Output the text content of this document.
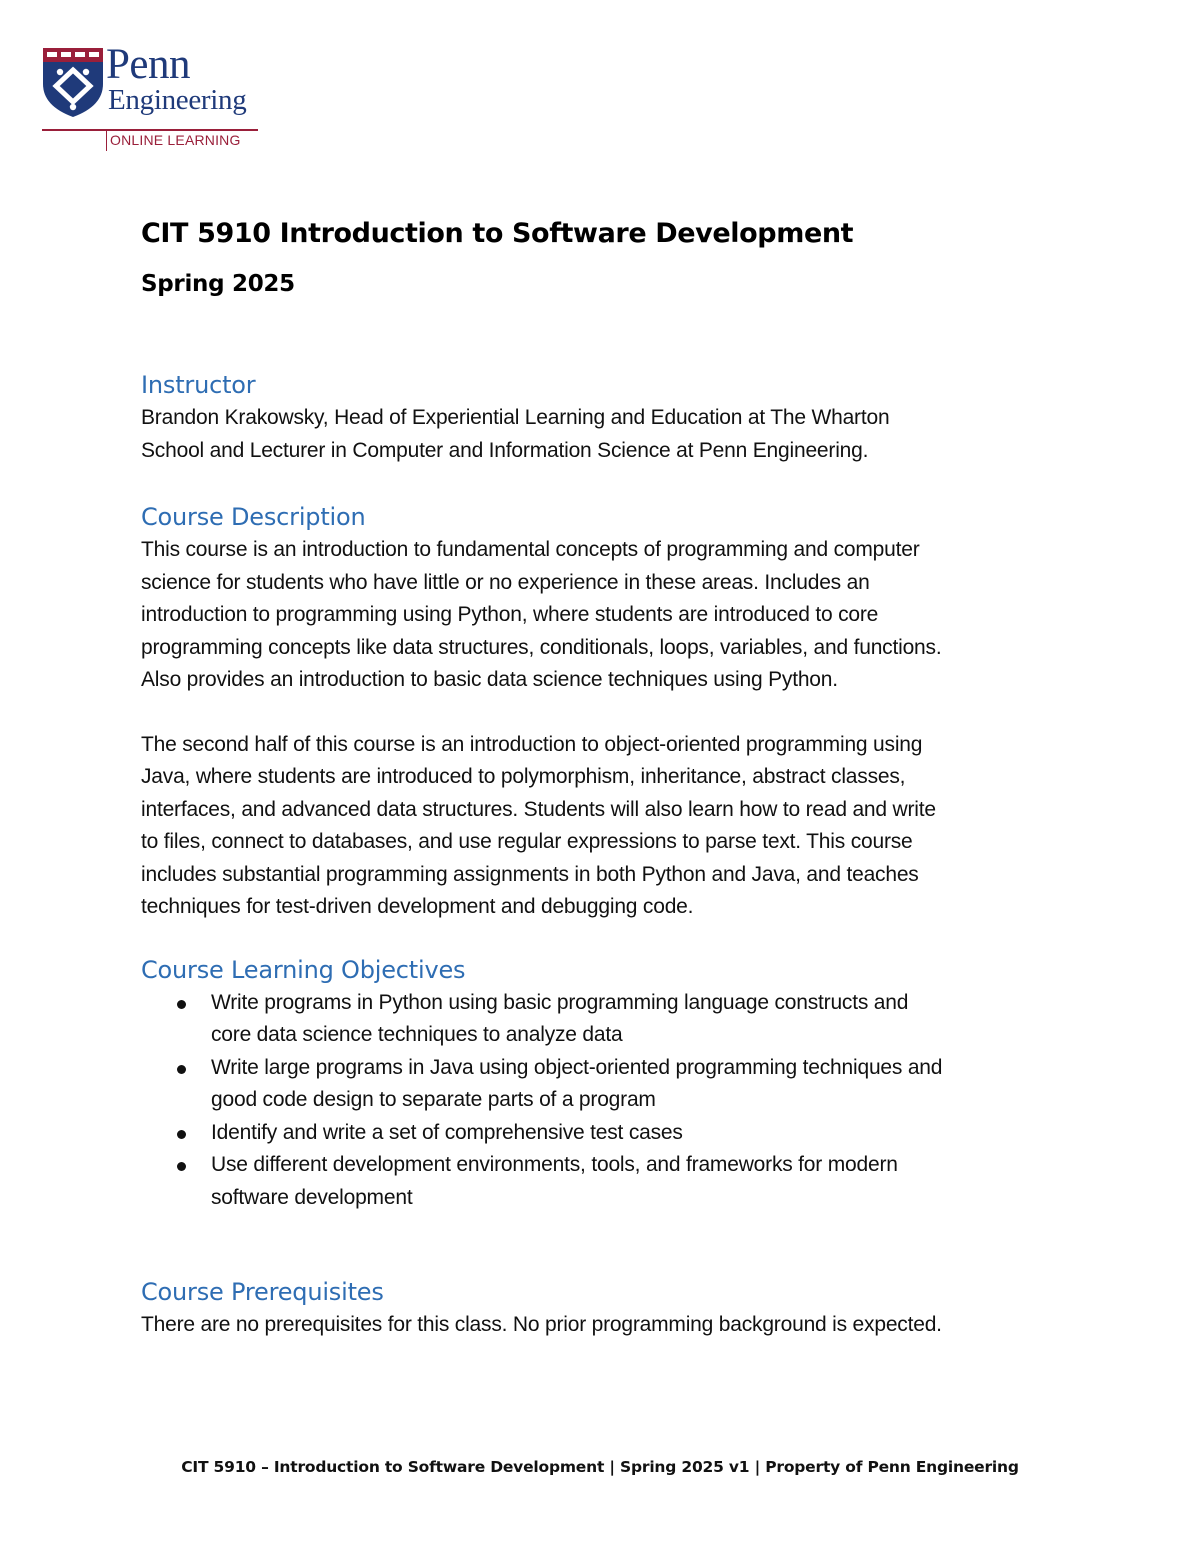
Penn
Engineering
ONLINE LEARNING
CIT 5910 Introduction to Software Development
Spring 2025
Instructor

Brandon Krakowsky, Head of Experiential Learning and Education at The Wharton
School and Lecturer in Computer and Information Science at Penn Engineering.

Course Description

This course is an introduction to fundamental concepts of programming and computer
science for students who have little or no experience in these areas. Includes an
introduction to programming using Python, where students are introduced to core
programming concepts like data structures, conditionals, loops, variables, and functions.
Also provides an introduction to basic data science techniques using Python.

The second half of this course is an introduction to object-oriented programming using
Java, where students are introduced to polymorphism, inheritance, abstract classes,
interfaces, and advanced data structures. Students will also learn how to read and write
to files, connect to databases, and use regular expressions to parse text. This course
includes substantial programming assignments in both Python and Java, and teaches
techniques for test-driven development and debugging code.

Course Learning Objectives
Write programs in Python using basic programming language constructs and
core data science techniques to analyze data
Write large programs in Java using object-oriented programming techniques and
good code design to separate parts of a program
Identify and write a set of comprehensive test cases
Use different development environments, tools, and frameworks for modern
software development
Course Prerequisites

There are no prerequisites for this class. No prior programming background is expected.

CIT 5910 – Introduction to Software Development | Spring 2025 v1 | Property of Penn Engineering
